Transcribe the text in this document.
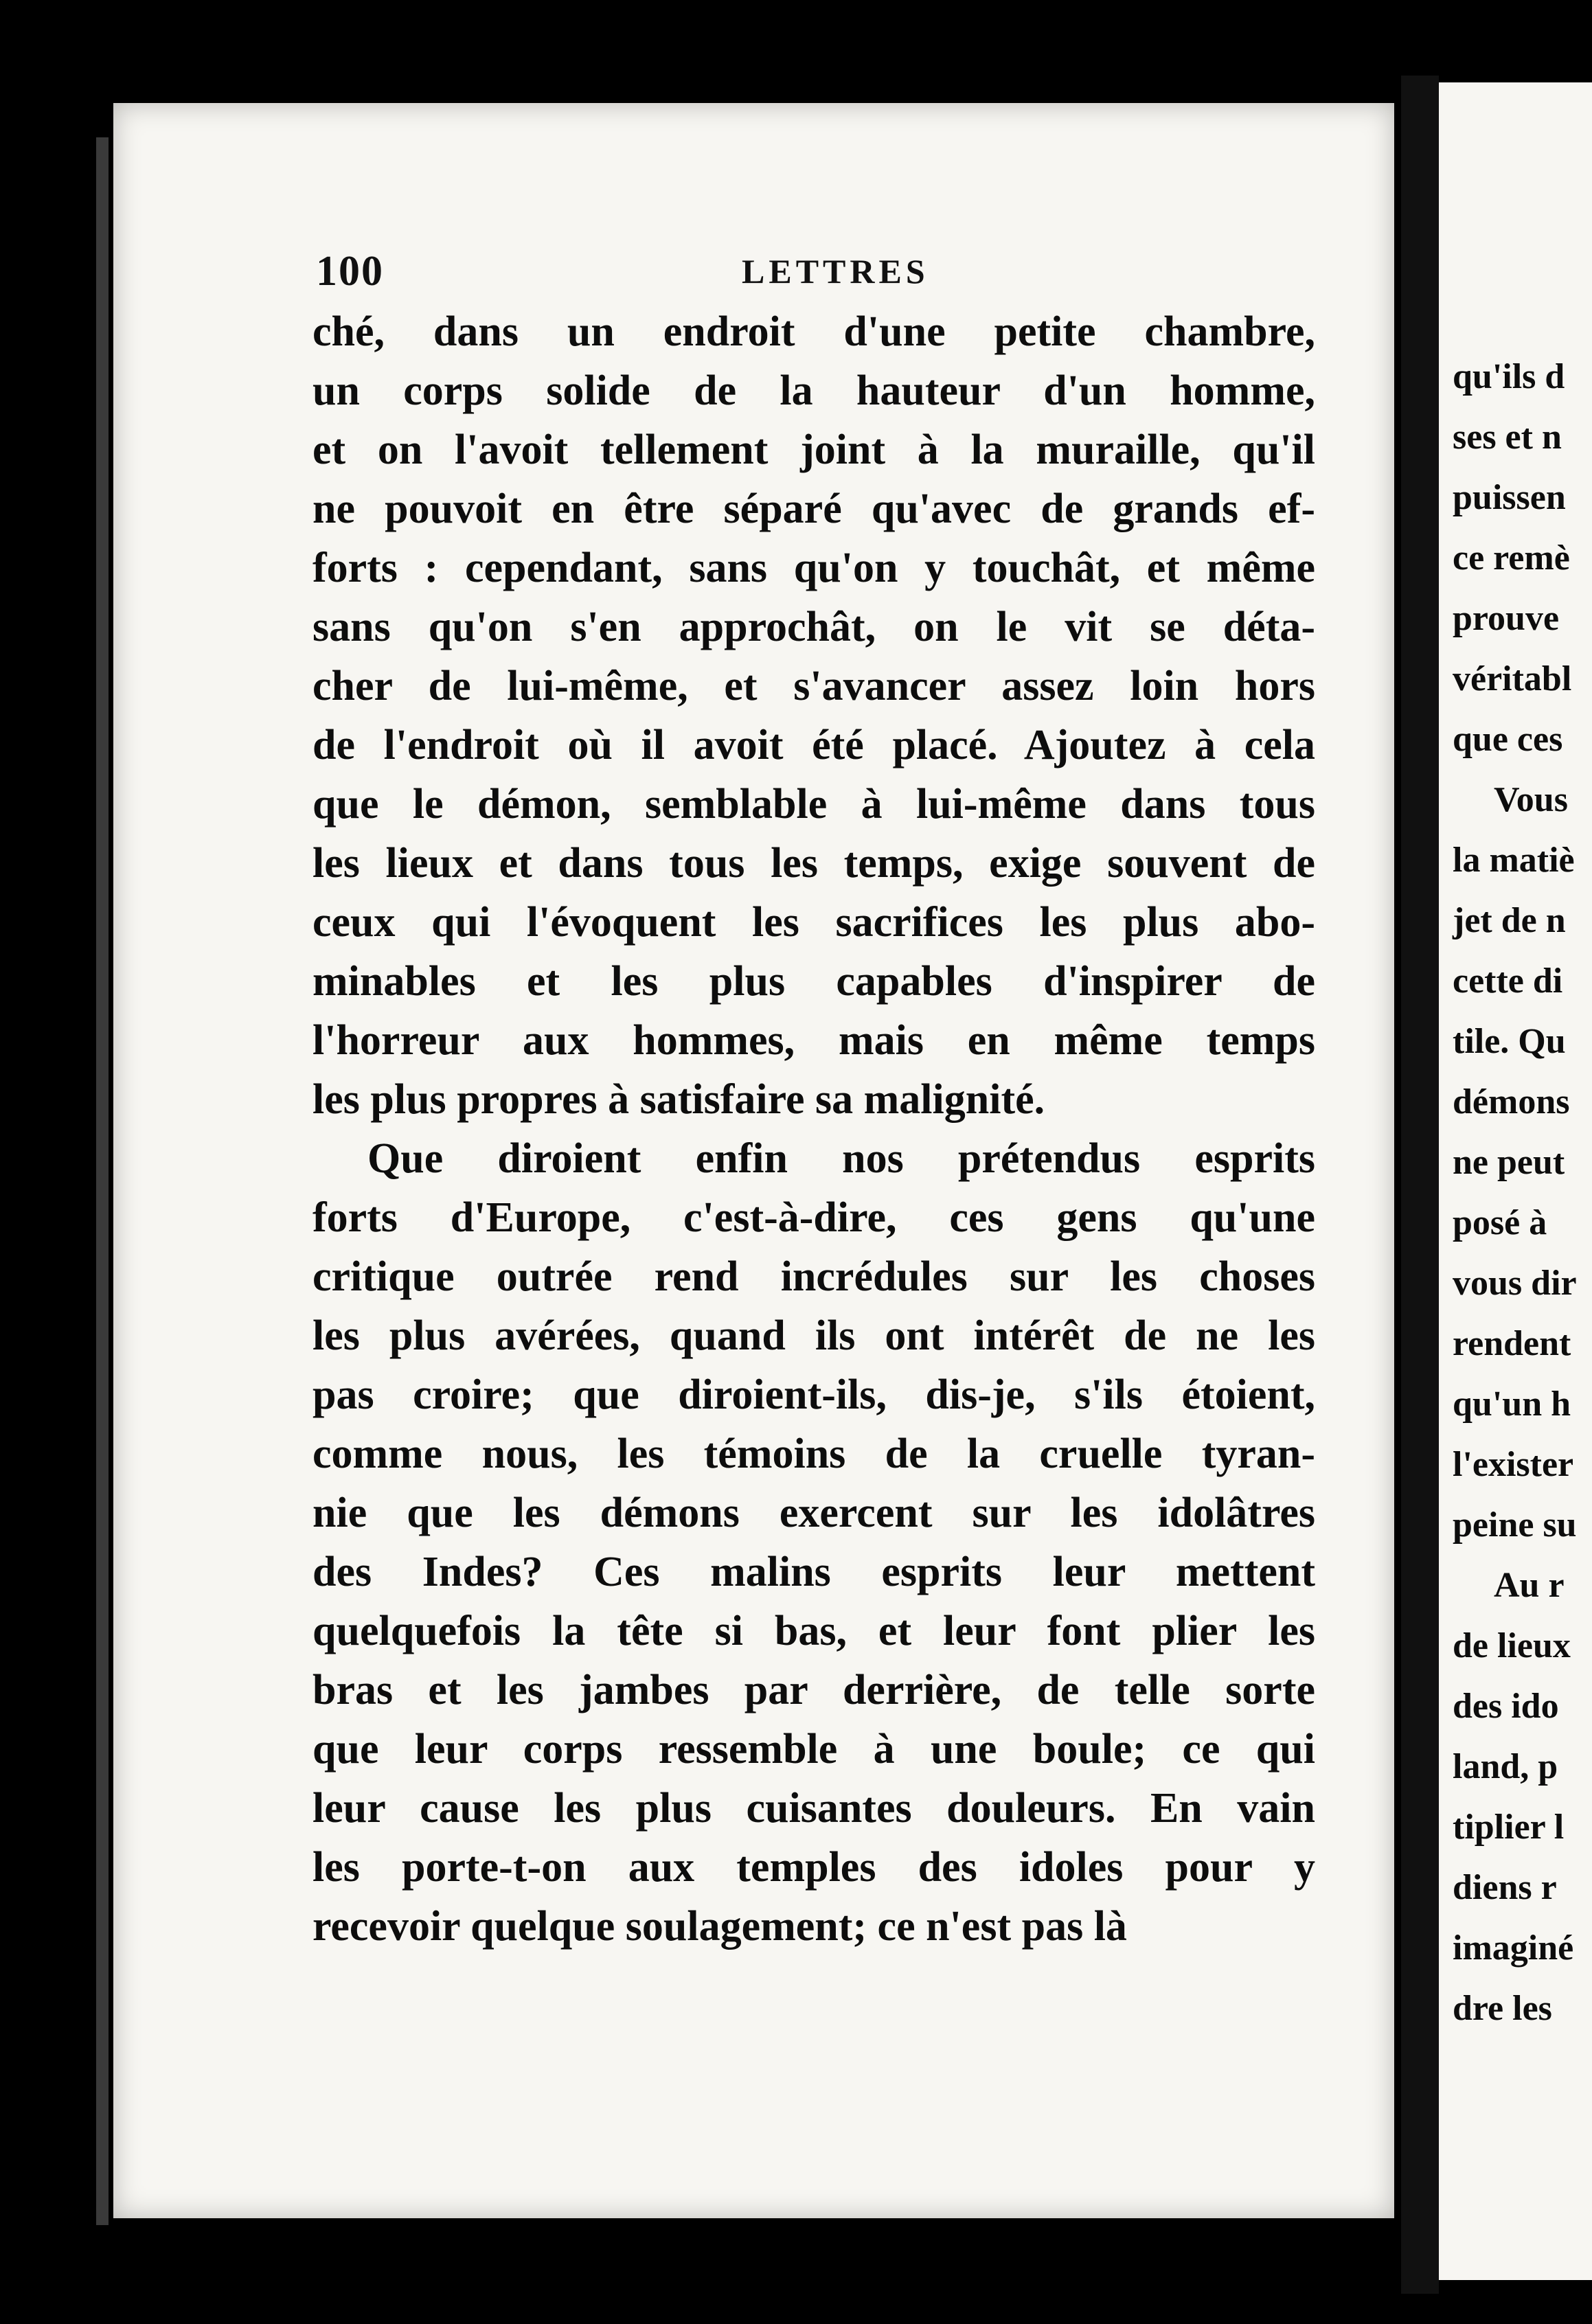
qu'ils d
ses et n
puissen
ce remè
prouve
véritabl
que ces
Vous
la matiè
jet de n
cette di
tile. Qu
démons
ne peut
posé à
vous dir
rendent
qu'un h
l'exister
peine su
Au r
de lieux
des ido
land, p
tiplier l
diens r
imaginé
dre les
100	LETTRES
ché, dans un endroit d'une petite chambre,
un corps solide de la hauteur d'un homme,
et on l'avoit tellement joint à la muraille, qu'il
ne pouvoit en être séparé qu'avec de grands ef-
forts : cependant, sans qu'on y touchât, et même
sans qu'on s'en approchât, on le vit se déta-
cher de lui-même, et s'avancer assez loin hors
de l'endroit où il avoit été placé. Ajoutez à cela
que le démon, semblable à lui-même dans tous
les lieux et dans tous les temps, exige souvent de
ceux qui l'évoquent les sacrifices les plus abo-
minables et les plus capables d'inspirer de
l'horreur aux hommes, mais en même temps
les plus propres à satisfaire sa malignité.
Que diroient enfin nos prétendus esprits
forts d'Europe, c'est-à-dire, ces gens qu'une
critique outrée rend incrédules sur les choses
les plus avérées, quand ils ont intérêt de ne les
pas croire; que diroient-ils, dis-je, s'ils étoient,
comme nous, les témoins de la cruelle tyran-
nie que les démons exercent sur les idolâtres
des Indes? Ces malins esprits leur mettent
quelquefois la tête si bas, et leur font plier les
bras et les jambes par derrière, de telle sorte
que leur corps ressemble à une boule; ce qui
leur cause les plus cuisantes douleurs. En vain
les porte-t-on aux temples des idoles pour y
recevoir quelque soulagement; ce n'est pas là
